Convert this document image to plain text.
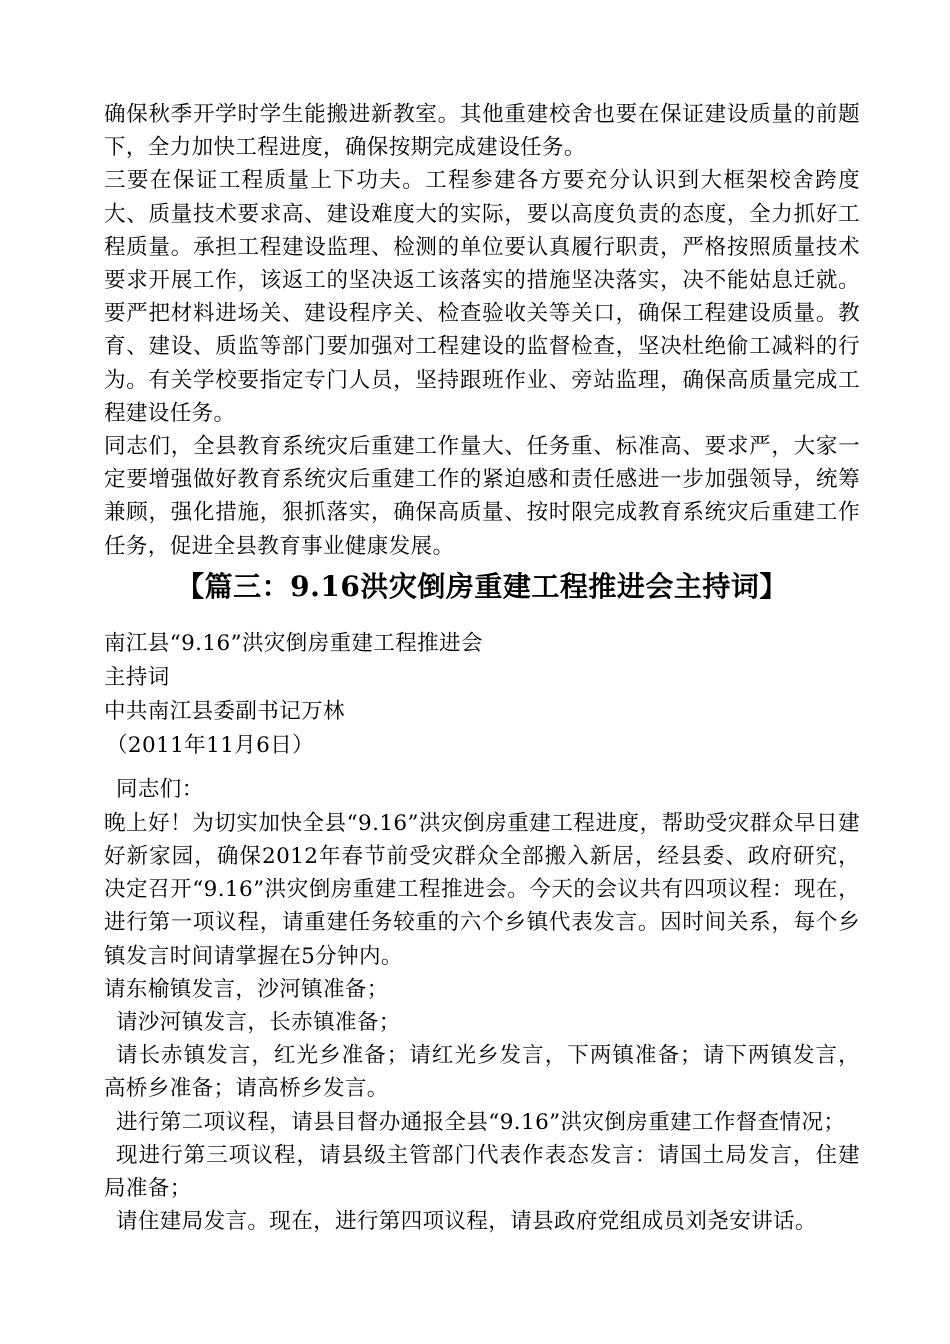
确保秋季开学时学生能搬进新教室。其他重建校舍也要在保证建设质量的前题下，全力加快工程进度，确保按期完成建设任务。

三要在保证工程质量上下功夫。工程参建各方要充分认识到大框架校舍跨度大、质量技术要求高、建设难度大的实际，要以高度负责的态度，全力抓好工程质量。承担工程建设监理、检测的单位要认真履行职责，严格按照质量技术要求开展工作，该返工的坚决返工该落实的措施坚决落实，决不能姑息迁就。要严把材料进场关、建设程序关、检查验收关等关口，确保工程建设质量。教育、建设、质监等部门要加强对工程建设的监督检查，坚决杜绝偷工减料的行为。有关学校要指定专门人员，坚持跟班作业、旁站监理，确保高质量完成工程建设任务。

同志们，全县教育系统灾后重建工作量大、任务重、标准高、要求严，大家一定要增强做好教育系统灾后重建工作的紧迫感和责任感进一步加强领导，统筹兼顾，强化措施，狠抓落实，确保高质量、按时限完成教育系统灾后重建工作任务，促进全县教育事业健康发展。

【篇三：9.16洪灾倒房重建工程推进会主持词】

南江县“9.16”洪灾倒房重建工程推进会

主持词

中共南江县委副书记万林

（2011年11月6日）

同志们：

晚上好！为切实加快全县“9.16”洪灾倒房重建工程进度，帮助受灾群众早日建好新家园，确保2012年春节前受灾群众全部搬入新居，经县委、政府研究，决定召开“9.16”洪灾倒房重建工程推进会。今天的会议共有四项议程：现在，进行第一项议程，请重建任务较重的六个乡镇代表发言。因时间关系，每个乡镇发言时间请掌握在5分钟内。

请东榆镇发言，沙河镇准备；

请沙河镇发言，长赤镇准备；

请长赤镇发言，红光乡准备；请红光乡发言，下两镇准备；请下两镇发言，高桥乡准备；请高桥乡发言。

进行第二项议程，请县目督办通报全县“9.16”洪灾倒房重建工作督查情况；

现进行第三项议程，请县级主管部门代表作表态发言：请国土局发言，住建局准备；

请住建局发言。现在，进行第四项议程，请县政府党组成员刘尧安讲话。
